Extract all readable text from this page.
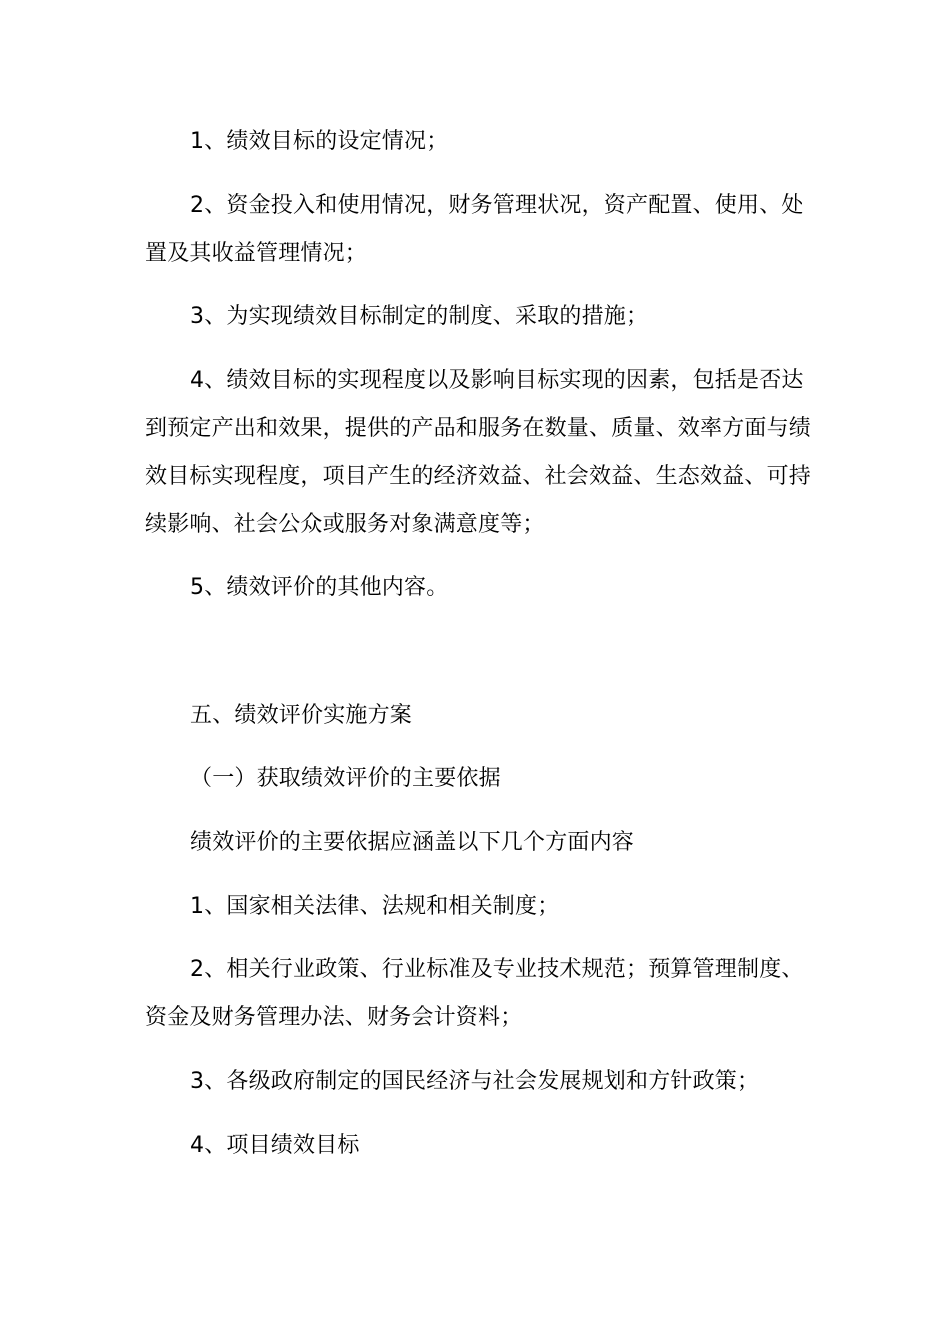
1、绩效目标的设定情况；
2、资金投入和使用情况，财务管理状况，资产配置、使用、处
置及其收益管理情况；
3、为实现绩效目标制定的制度、采取的措施；
4、绩效目标的实现程度以及影响目标实现的因素，包括是否达
到预定产出和效果，提供的产品和服务在数量、质量、效率方面与绩
效目标实现程度，项目产生的经济效益、社会效益、生态效益、可持
续影响、社会公众或服务对象满意度等；
5、绩效评价的其他内容。
五、绩效评价实施方案
（一）获取绩效评价的主要依据
绩效评价的主要依据应涵盖以下几个方面内容
1、国家相关法律、法规和相关制度；
2、相关行业政策、行业标准及专业技术规范；预算管理制度、
资金及财务管理办法、财务会计资料；
3、各级政府制定的国民经济与社会发展规划和方针政策；
4、项目绩效目标
